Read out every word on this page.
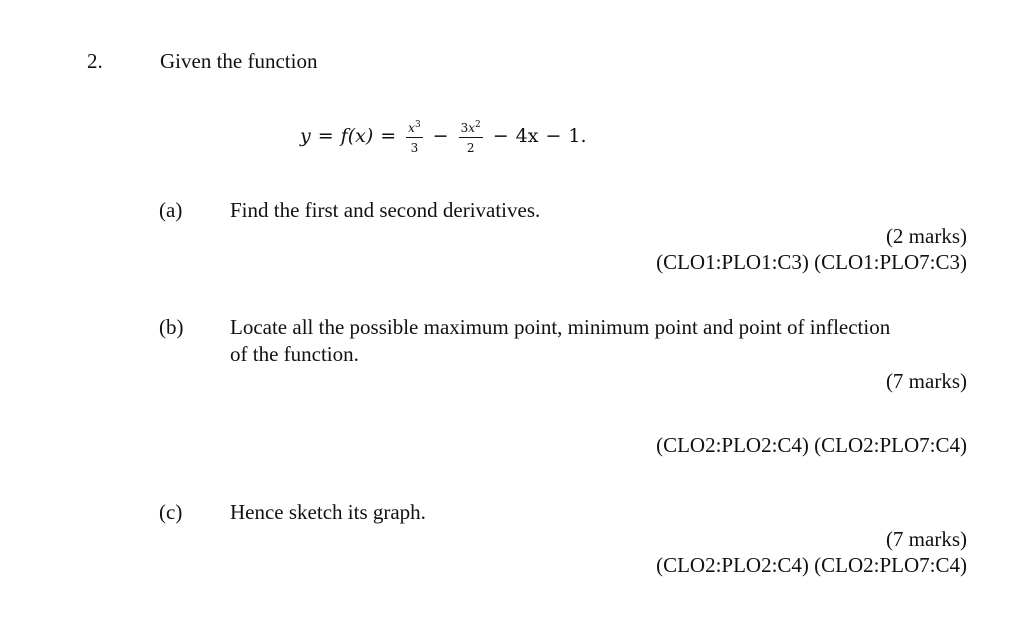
2.	Given the function
$y = f(x) = \frac{x^3}{3} - \frac{3x^2}{2} - 4x - 1$.
(a) Find the first and second derivatives.
(2 marks)
(CLO1:PLO1:C3) (CLO1:PLO7:C3)
(b) Locate all the possible maximum point, minimum point and point of inflection
of the function.
(7 marks)
(CLO2:PLO2:C4) (CLO2:PLO7:C4)
(c) Hence sketch its graph.
(7 marks)
(CLO2:PLO2:C4) (CLO2:PLO7:C4)
